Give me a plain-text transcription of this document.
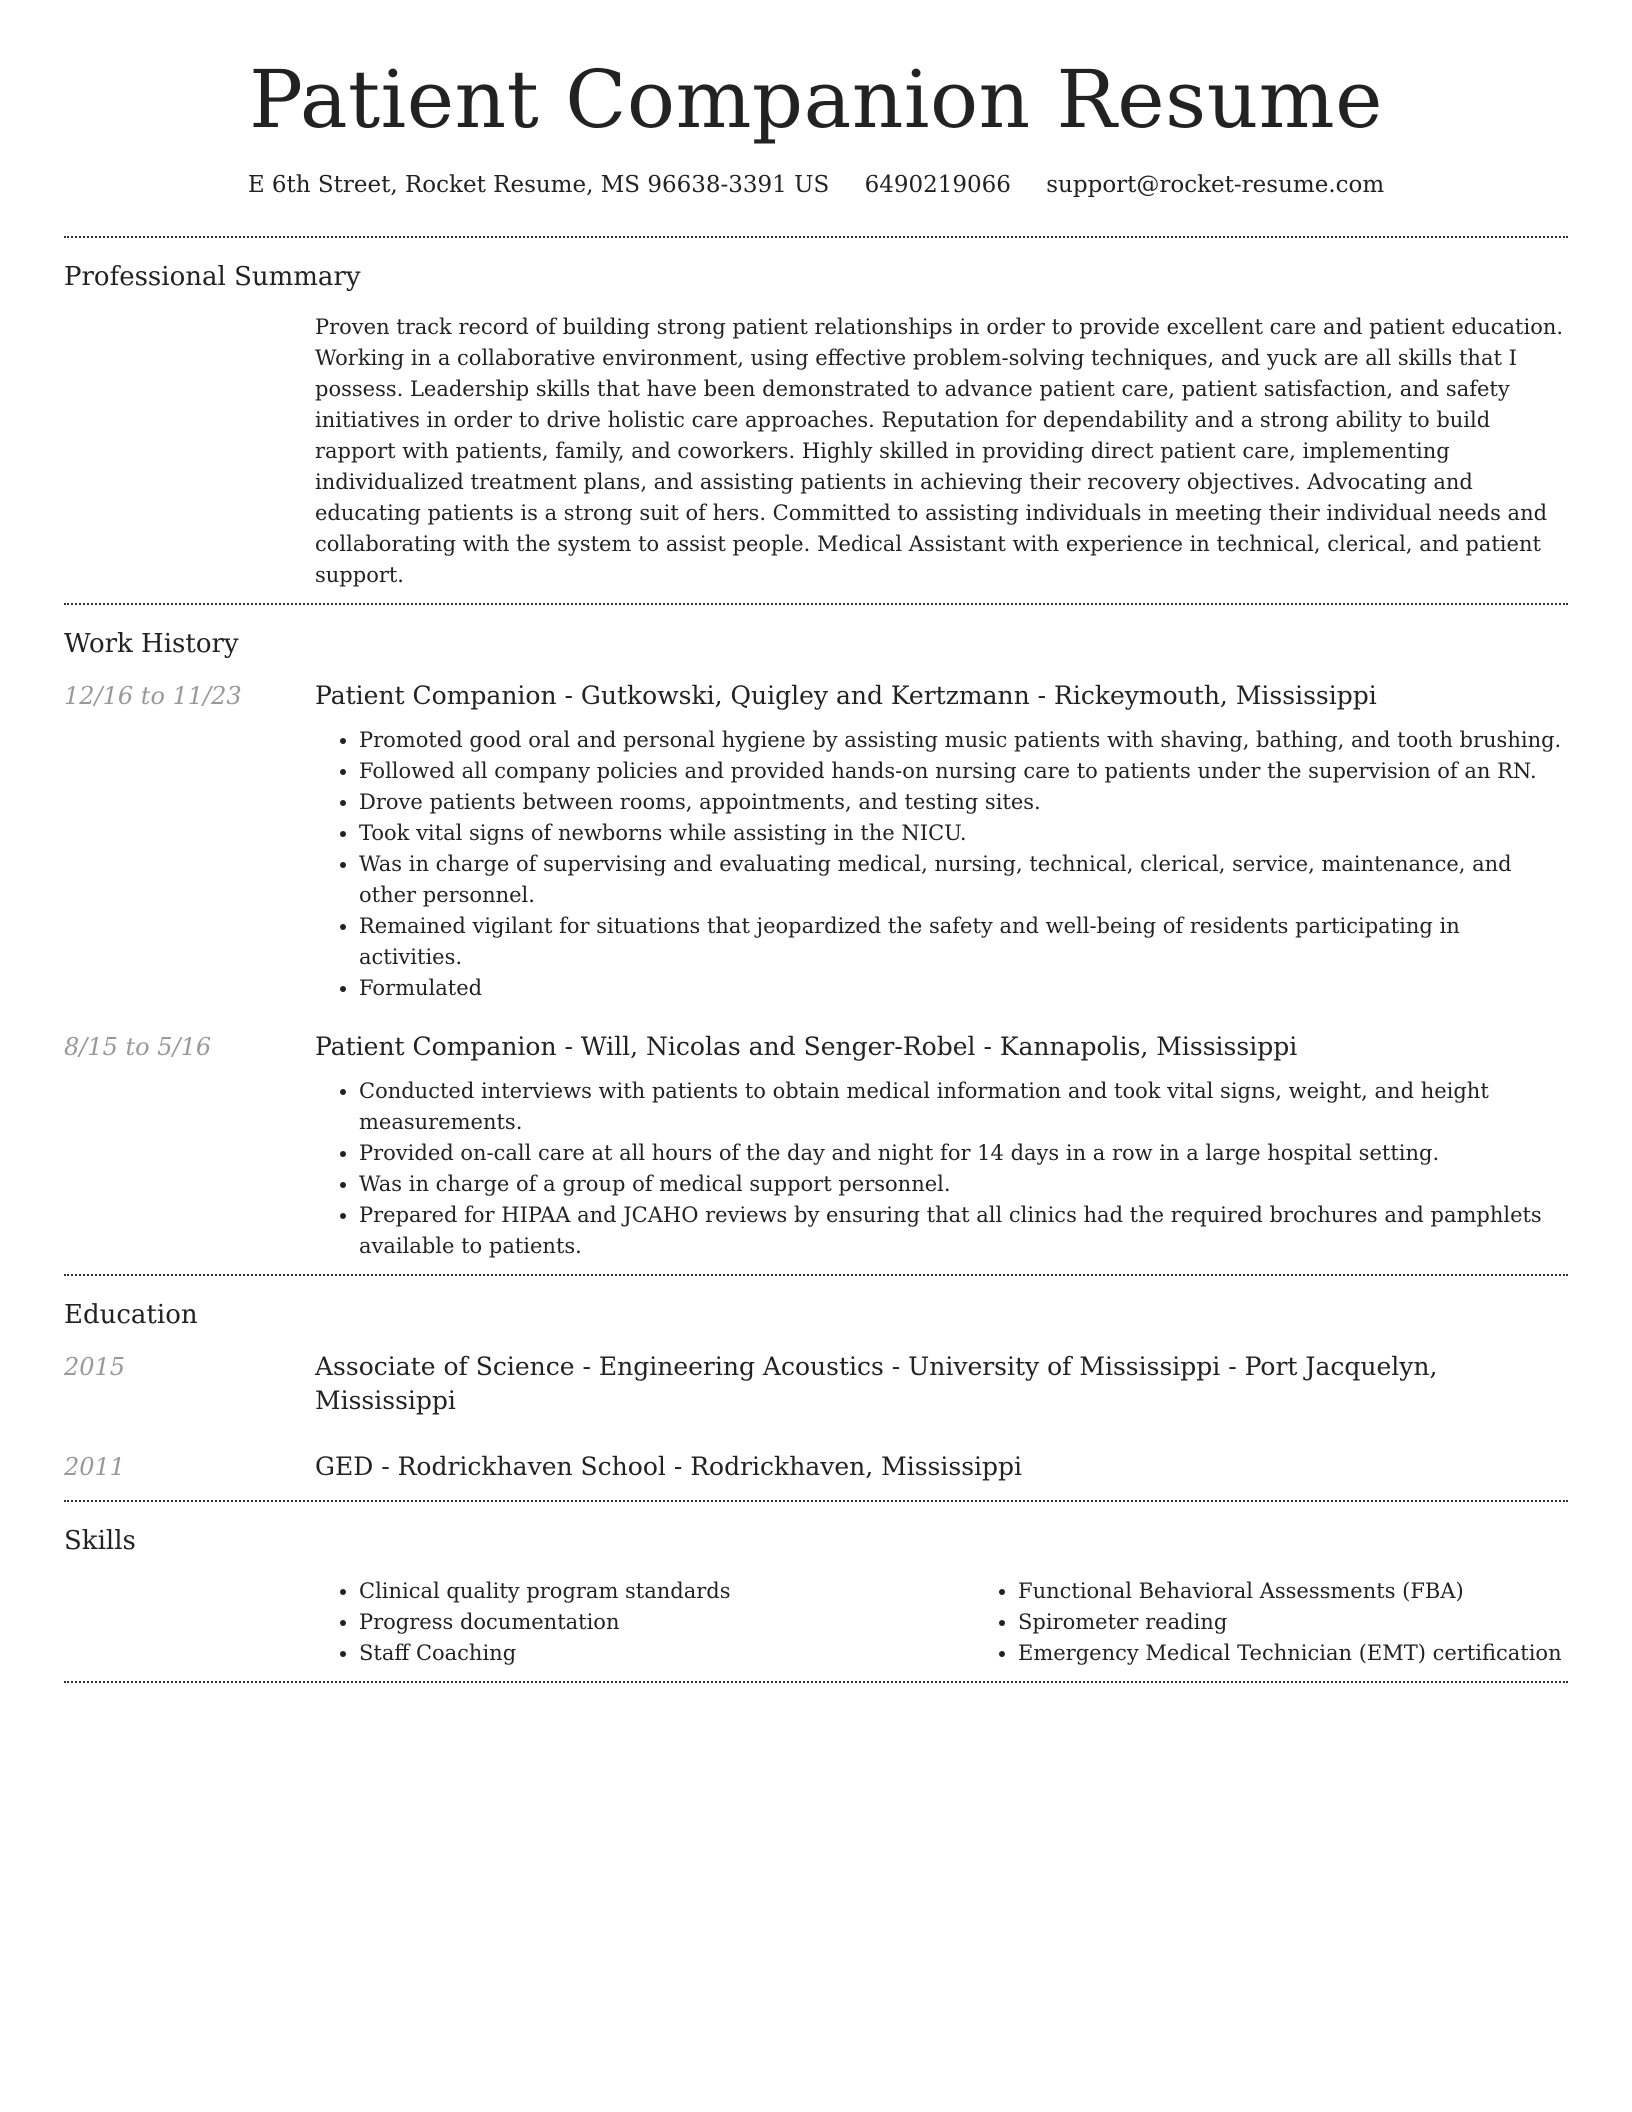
Patient Companion Resume
E 6th Street, Rocket Resume, MS 96638-3391 US 6490219066 support@rocket-resume.com
Professional Summary

Proven track record of building strong patient relationships in order to provide excellent care and patient education. Working in a collaborative environment, using effective problem-solving techniques, and yuck are all skills that I possess. Leadership skills that have been demonstrated to advance patient care, patient satisfaction, and safety initiatives in order to drive holistic care approaches. Reputation for dependability and a strong ability to build rapport with patients, family, and coworkers. Highly skilled in providing direct patient care, implementing individualized treatment plans, and assisting patients in achieving their recovery objectives. Advocating and educating patients is a strong suit of hers. Committed to assisting individuals in meeting their individual needs and collaborating with the system to assist people. Medical Assistant with experience in technical, clerical, and patient support.

Work History
12/16 to 11/23	Patient Companion - Gutkowski, Quigley and Kertzmann - Rickeymouth, Mississippi
• Promoted good oral and personal hygiene by assisting music patients with shaving, bathing, and tooth brushing.
• Followed all company policies and provided hands-on nursing care to patients under the supervision of an RN.
• Drove patients between rooms, appointments, and testing sites.
• Took vital signs of newborns while assisting in the NICU.
• Was in charge of supervising and evaluating medical, nursing, technical, clerical, service, maintenance, and other personnel.
• Remained vigilant for situations that jeopardized the safety and well-being of residents participating in activities.
• Formulated
8/15 to 5/16	Patient Companion - Will, Nicolas and Senger-Robel - Kannapolis, Mississippi
• Conducted interviews with patients to obtain medical information and took vital signs, weight, and height measurements.
• Provided on-call care at all hours of the day and night for 14 days in a row in a large hospital setting.
• Was in charge of a group of medical support personnel.
• Prepared for HIPAA and JCAHO reviews by ensuring that all clinics had the required brochures and pamphlets available to patients.
Education
2015	Associate of Science - Engineering Acoustics - University of Mississippi - Port Jacquelyn, Mississippi
2011	GED - Rodrickhaven School - Rodrickhaven, Mississippi
Skills
• Clinical quality program standards
• Progress documentation
• Staff Coaching
• Functional Behavioral Assessments (FBA)
• Spirometer reading
• Emergency Medical Technician (EMT) certification
